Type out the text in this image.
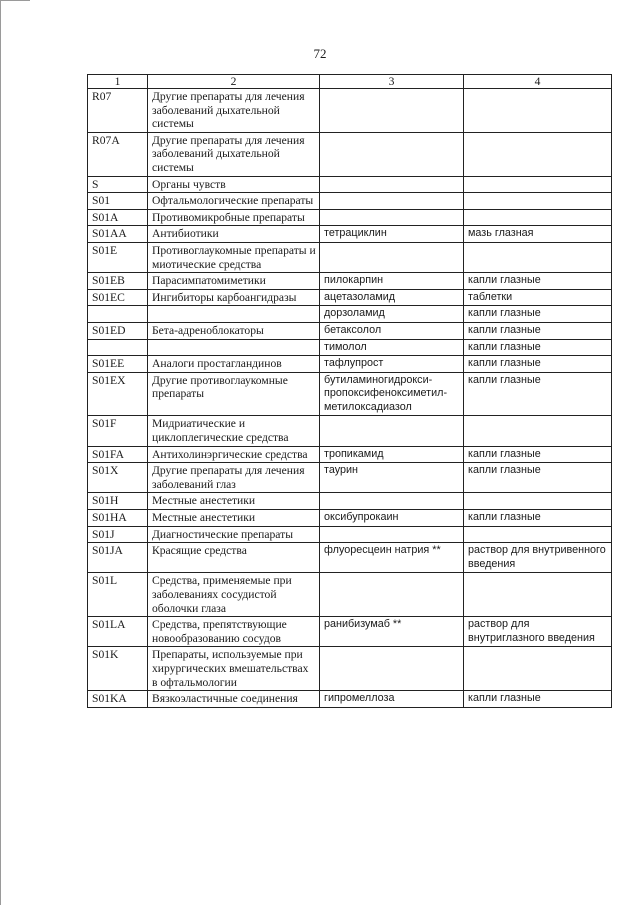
72
1	2	3	4
R07	Другие препараты для лечения заболеваний дыхательной системы		
R07A	Другие препараты для лечения заболеваний дыхательной системы		
S	Органы чувств		
S01	Офтальмологические препараты		
S01A	Противомикробные препараты		
S01AA	Антибиотики	тетрациклин	мазь глазная
S01E	Противоглаукомные препараты и миотические средства		
S01EB	Парасимпатомиметики	пилокарпин	капли глазные
S01EC	Ингибиторы карбоангидразы	ацетазоламид	таблетки
		дорзоламид	капли глазные
S01ED	Бета-адреноблокаторы	бетаксолол	капли глазные
		тимолол	капли глазные
S01EE	Аналоги простагландинов	тафлупрост	капли глазные
S01EX	Другие противоглаукомные препараты	бутиламиногидрокси-пропоксифеноксиметил-метилоксадиазол	капли глазные
S01F	Мидриатические и циклоплегические средства		
S01FA	Антихолинэргические средства	тропикамид	капли глазные
S01X	Другие препараты для лечения заболеваний глаз	таурин	капли глазные
S01H	Местные анестетики		
S01HA	Местные анестетики	оксибупрокаин	капли глазные
S01J	Диагностические препараты		
S01JA	Красящие средства	флуоресцеин натрия **	раствор для внутривенного введения
S01L	Средства, применяемые при заболеваниях сосудистой оболочки глаза		
S01LA	Средства, препятствующие новообразованию сосудов	ранибизумаб **	раствор для внутриглазного введения
S01K	Препараты, используемые при хирургических вмешательствах в офтальмологии		
S01KA	Вязкоэластичные соединения	гипромеллоза	капли глазные
